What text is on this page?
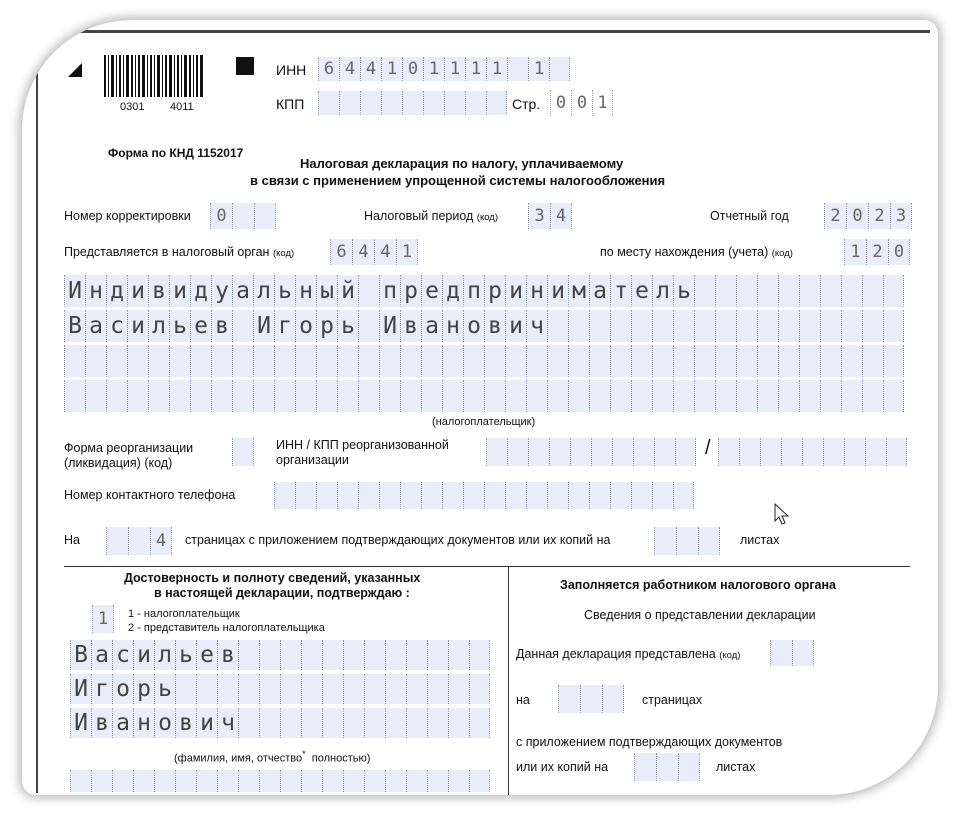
0301 4011
ИНН	6 4 4 1 0 1 1 1 1	1
КПП	Стр. 0 0 1
Форма по КНД 1152017
Налоговая декларация по налогу, уплачиваемому
в связи с применением упрощенной системы налогообложения
Номер корректировки	0	Налоговый период (код)	3 4	Отчетный год	2 0 2 3
Представляется в налоговый орган (код)	6 4 4 1	по месту нахождения (учета) (код)	1 2 0
И н д и в и д у а л ь н ы й п р е д п р и н и м а т е л ь
В а с и л ь е в И г о р ь И в а н о в и ч
(налогоплательщик)
Форма реорганизации
(ликвидация) (код)
ИНН / КПП реорганизованной
организации
/
Номер контактного телефона
На	4	страницах с приложением подтверждающих документов или их копий на	листах
Достоверность и полноту сведений, указанных
в настоящей декларации, подтверждаю :
1	1 - налогоплательщик
2 - представитель налогоплательщика
В а с и л ь е в
И г о р ь
И в а н о в и ч
(фамилия, имя, отчество* полностью)
Заполняется работником налогового органа
Сведения о представлении декларации
Данная декларация представлена (код)
на	страницах
с приложением подтверждающих документов
или их копий на	листах
